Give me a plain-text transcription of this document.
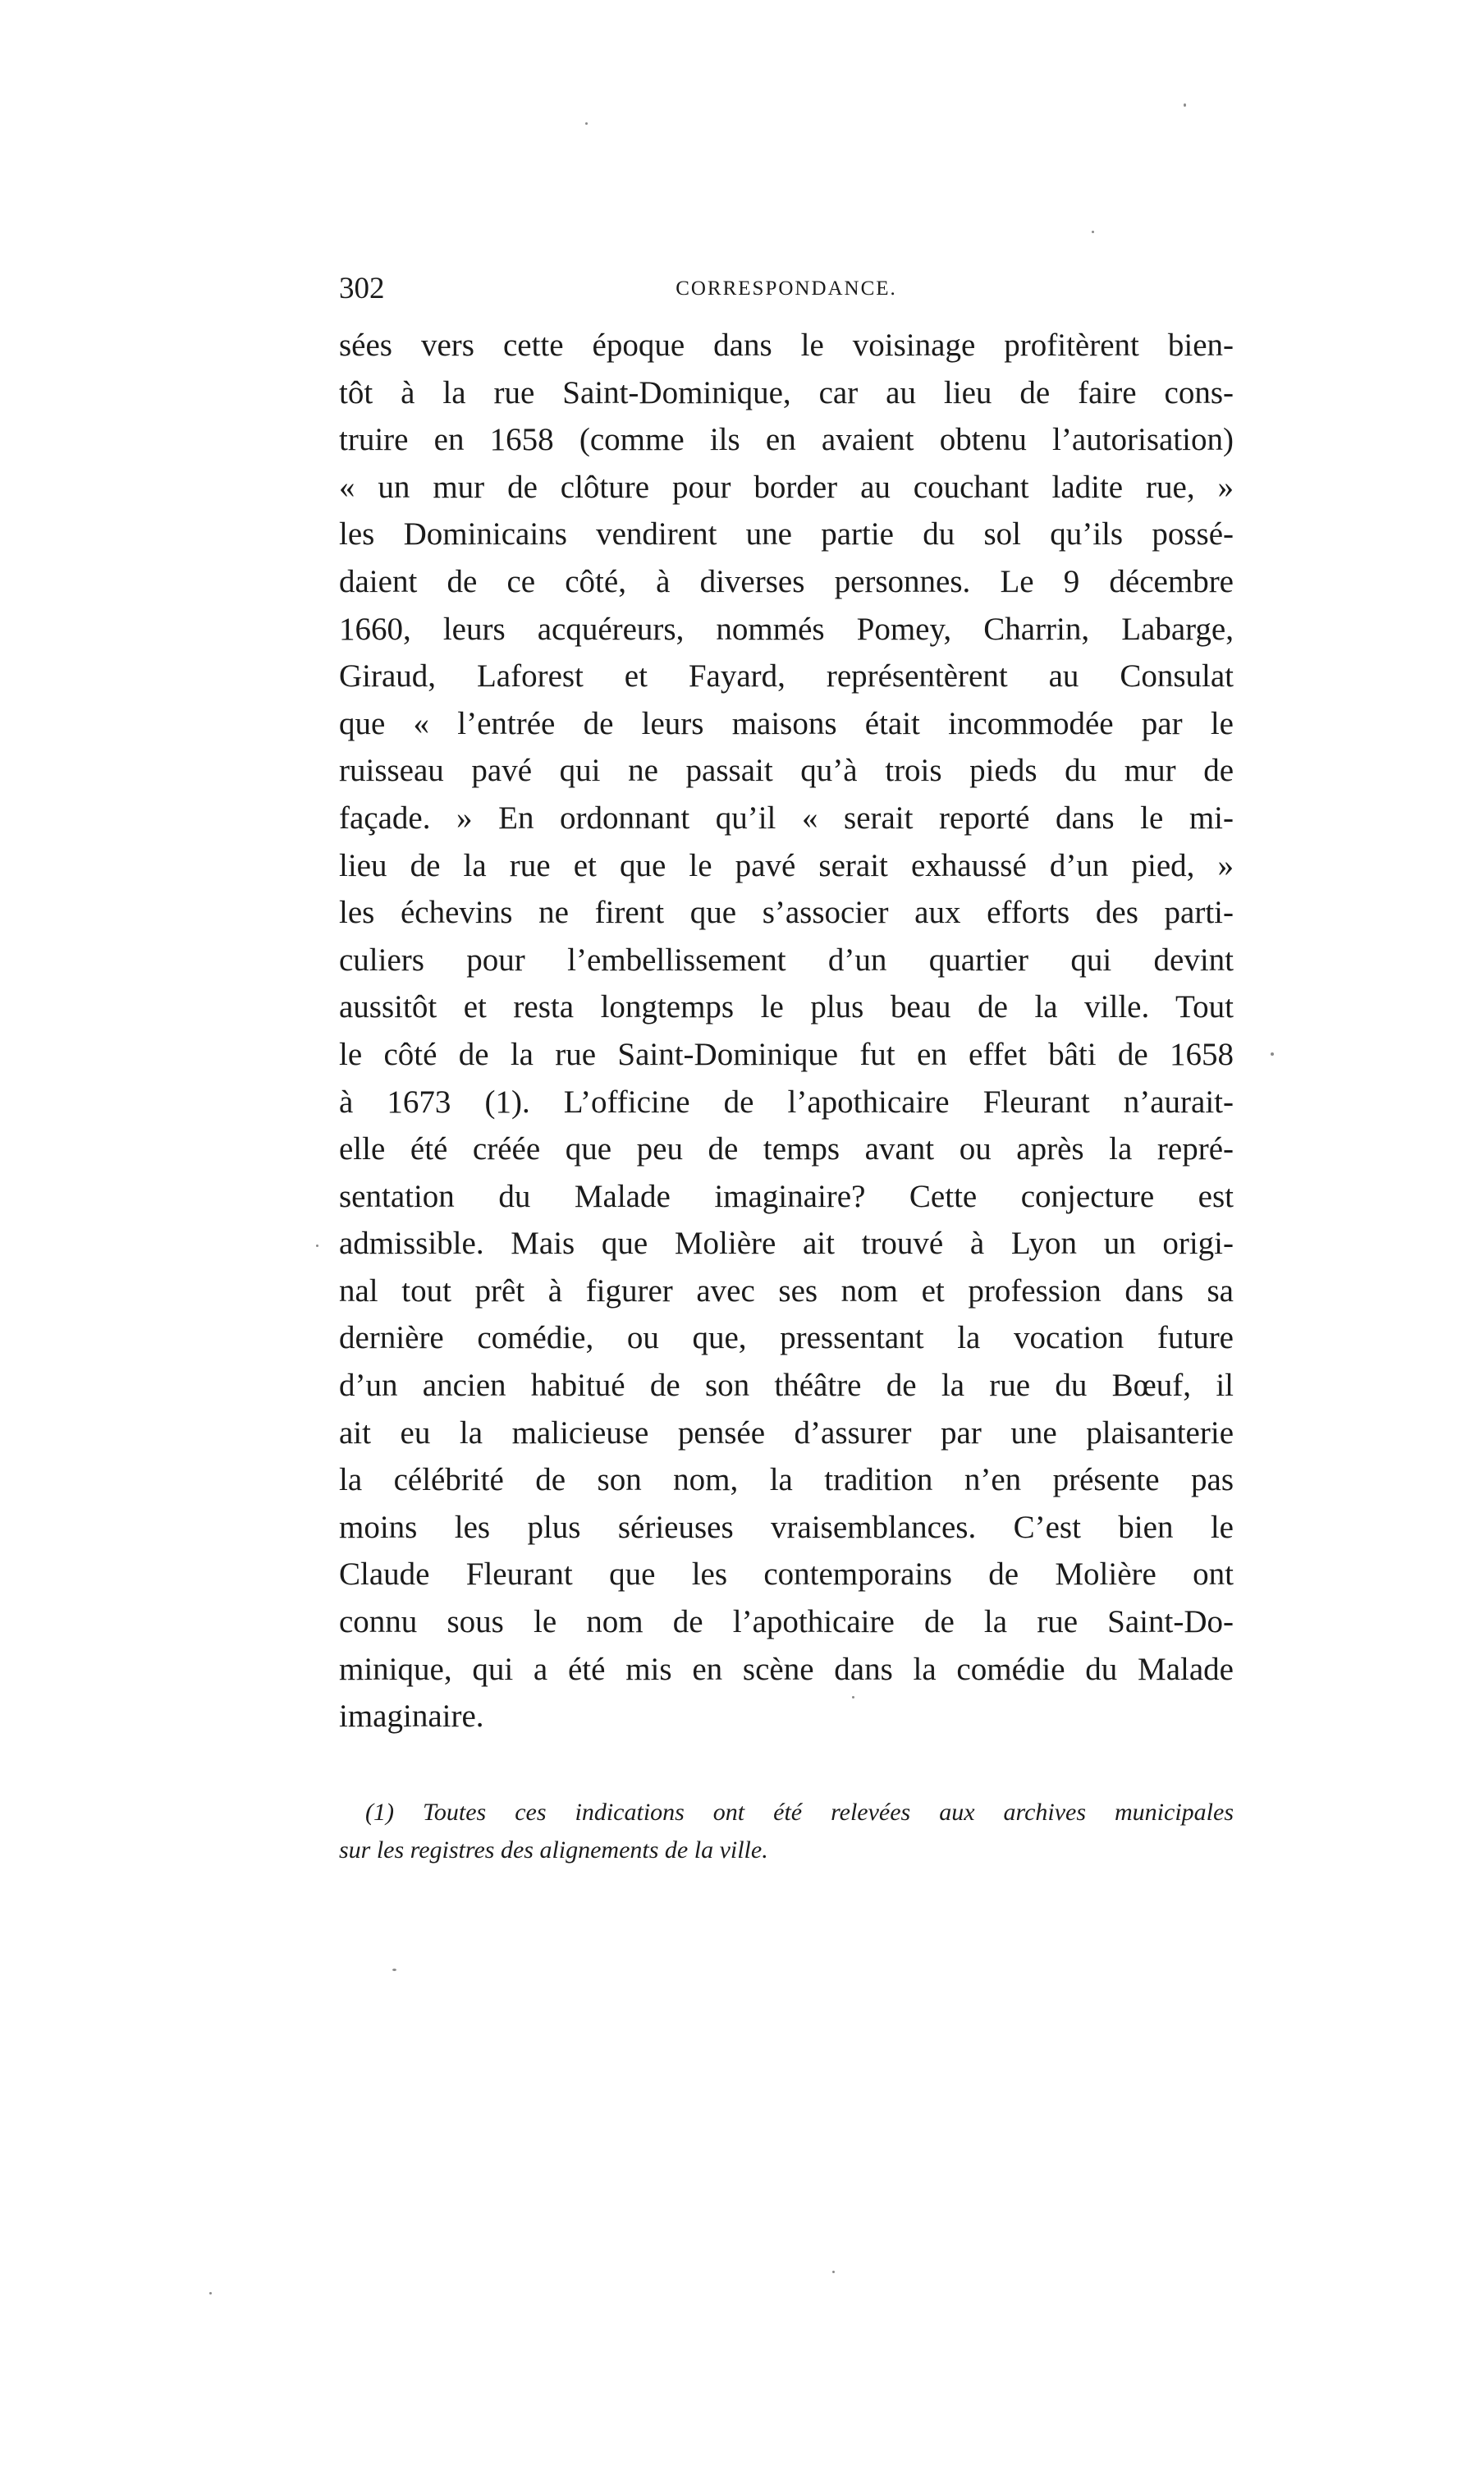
302	CORRESPONDANCE.
sées vers cette époque dans le voisinage profitèrent bien-
tôt à la rue Saint-Dominique, car au lieu de faire cons-
truire en 1658 (comme ils en avaient obtenu l’autorisation)
« un mur de clôture pour border au couchant ladite rue, »
les Dominicains vendirent une partie du sol qu’ils possé-
daient de ce côté, à diverses personnes. Le 9 décembre
1660, leurs acquéreurs, nommés Pomey, Charrin, Labarge,
Giraud, Laforest et Fayard, représentèrent au Consulat
que « l’entrée de leurs maisons était incommodée par le
ruisseau pavé qui ne passait qu’à trois pieds du mur de
façade. » En ordonnant qu’il « serait reporté dans le mi-
lieu de la rue et que le pavé serait exhaussé d’un pied, »
les échevins ne firent que s’associer aux efforts des parti-
culiers pour l’embellissement d’un quartier qui devint
aussitôt et resta longtemps le plus beau de la ville. Tout
le côté de la rue Saint-Dominique fut en effet bâti de 1658
à 1673 (1). L’officine de l’apothicaire Fleurant n’aurait-
elle été créée que peu de temps avant ou après la repré-
sentation du Malade imaginaire? Cette conjecture est
admissible. Mais que Molière ait trouvé à Lyon un origi-
nal tout prêt à figurer avec ses nom et profession dans sa
dernière comédie, ou que, pressentant la vocation future
d’un ancien habitué de son théâtre de la rue du Bœuf, il
ait eu la malicieuse pensée d’assurer par une plaisanterie
la célébrité de son nom, la tradition n’en présente pas
moins les plus sérieuses vraisemblances. C’est bien le
Claude Fleurant que les contemporains de Molière ont
connu sous le nom de l’apothicaire de la rue Saint-Do-
minique, qui a été mis en scène dans la comédie du Malade
imaginaire.
(1) Toutes ces indications ont été relevées aux archives municipales
sur les registres des alignements de la ville.
